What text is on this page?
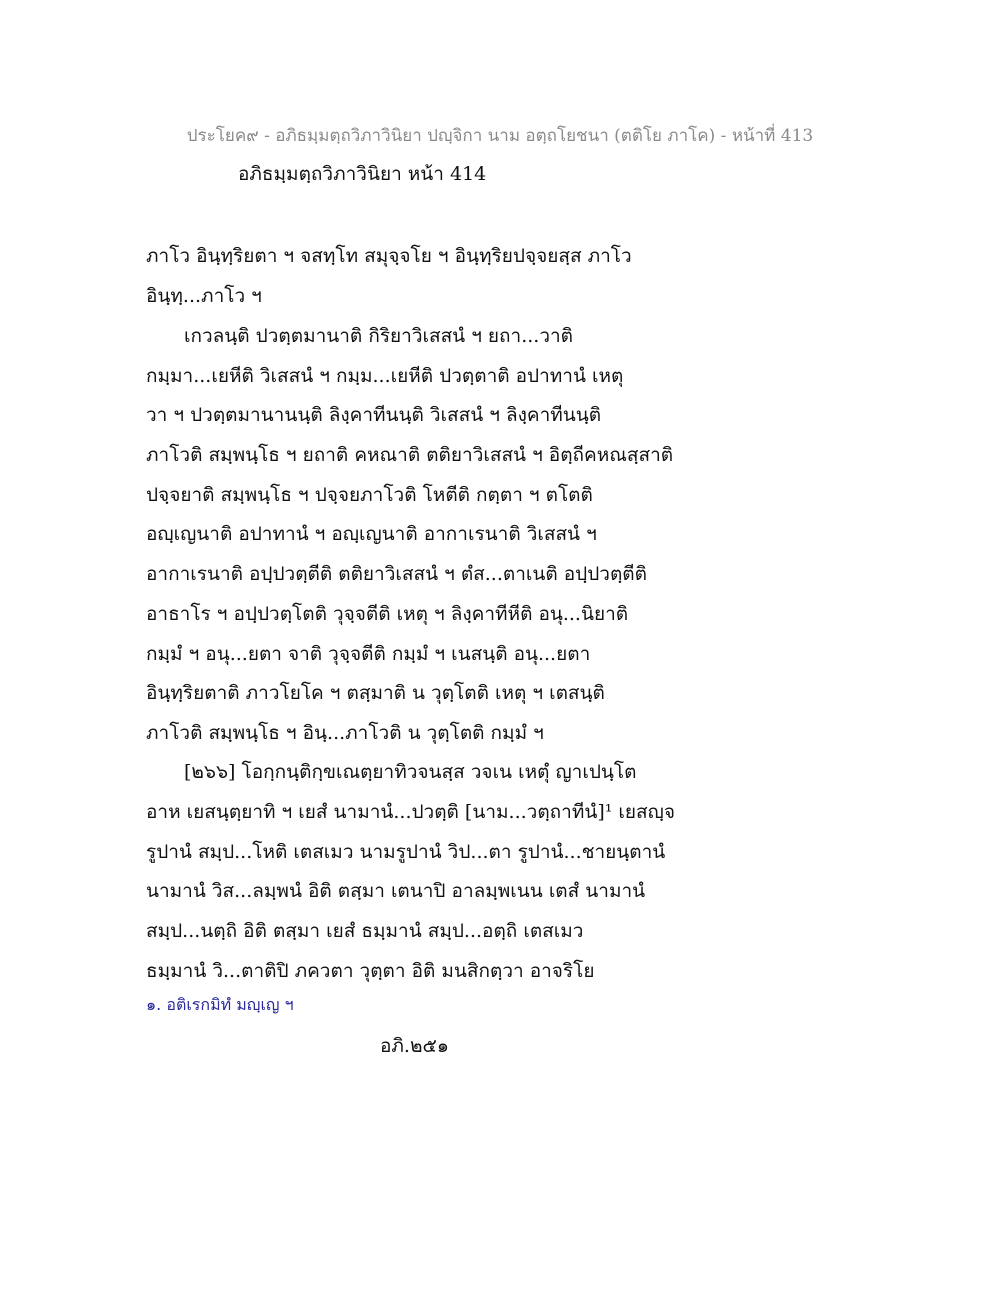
ประโยค๙ - อภิธมฺมตฺถวิภาวินิยา ปญฺจิกา นาม อตฺถโยชนา (ตติโย ภาโค) - หน้าที่ 413
อภิธมฺมตฺถวิภาวินิยา หน้า 414
ภาโว อินฺทฺริยตา ฯ จสทฺโท สมุจฺจโย ฯ อินฺทฺริยปจฺจยสฺส ภาโว
อินฺทฺ...ภาโว ฯ
เกวลนฺติ ปวตฺตมานาติ กิริยาวิเสสนํ ฯ ยถา...วาติ
กมฺมา...เยหีติ วิเสสนํ ฯ กมฺม...เยหีติ ปวตฺตาติ อปาทานํ เหตุ
วา ฯ ปวตฺตมานานนฺติ ลิงฺคาทีนนฺติ วิเสสนํ ฯ ลิงฺคาทีนนฺติ
ภาโวติ สมฺพนฺโธ ฯ ยถาติ คหณาติ ตติยาวิเสสนํ ฯ อิตฺถีคหณสฺสาติ
ปจฺจยาติ สมฺพนฺโธ ฯ ปจฺจยภาโวติ โหตีติ กตฺตา ฯ ตโตติ
อญฺเญนาติ อปาทานํ ฯ อญฺเญนาติ อากาเรนาติ วิเสสนํ ฯ
อากาเรนาติ อปฺปวตฺตีติ ตติยาวิเสสนํ ฯ ตํส...ตาเนติ อปฺปวตฺตีติ
อาธาโร ฯ อปฺปวตฺโตติ วุจฺจตีติ เหตุ ฯ ลิงฺคาทีหีติ อนุ...นิยาติ
กมฺมํ ฯ อนุ...ยตา จาติ วุจฺจตีติ กมฺมํ ฯ เนสนฺติ อนุ...ยตา
อินฺทฺริยตาติ ภาวโยโค ฯ ตสฺมาติ น วุตฺโตติ เหตุ ฯ เตสนฺติ
ภาโวติ สมฺพนฺโธ ฯ อินฺ...ภาโวติ น วุตฺโตติ กมฺมํ ฯ
[๒๖๖] โอกฺกนฺติกฺขเณตฺยาทิวจนสฺส วจเน เหตุํ ญาเปนฺโต
อาห เยสนฺตฺยาทิ ฯ เยสํ นามานํ...ปวตฺติ [นาม...วตฺถาทีนํ]¹ เยสญฺจ
รูปานํ สมฺป...โหติ เตสเมว นามรูปานํ วิป...ตา รูปานํ...ชายนฺตานํ
นามานํ วิส...ลมฺพนํ อิติ ตสฺมา เตนาปิ อาลมฺพเนน เตสํ นามานํ
สมฺป...นตฺถิ อิติ ตสฺมา เยสํ ธมฺมานํ สมฺป...อตฺถิ เตสเมว
ธมฺมานํ วิ...ตาติปิ ภควตา วุตฺตา อิติ มนสิกตฺวา อาจริโย
๑. อติเรกมิทํ มญฺเญ ฯ
อภิ.๒๕๑
